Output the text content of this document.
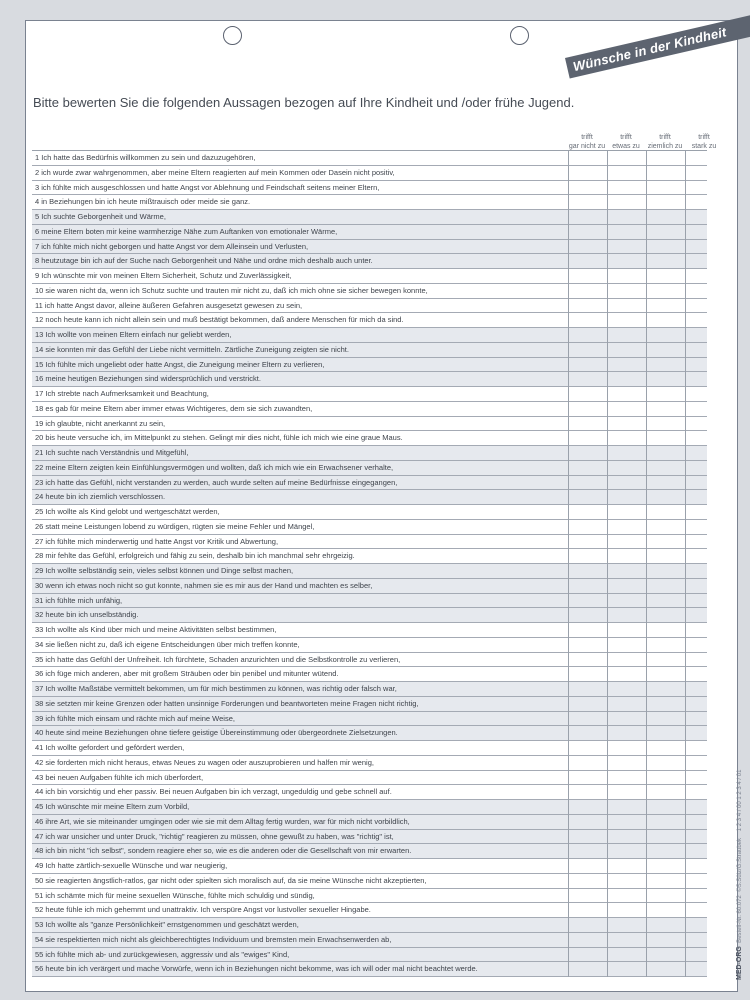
Wünsche in der Kindheit
Bitte bewerten Sie die folgenden Aussagen bezogen auf Ihre Kindheit und /oder frühe Jugend.
trifft
gar nicht zu
trifft
etwas zu
trifft
ziemlich zu
trifft
stark zu
1 Ich hatte das Bedürfnis willkommen zu sein und dazuzugehören,
2 ich wurde zwar wahrgenommen, aber meine Eltern reagierten auf mein Kommen oder Dasein nicht positiv,
3 ich fühlte mich ausgeschlossen und hatte Angst vor Ablehnung und Feindschaft seitens meiner Eltern,
4 in Beziehungen bin ich heute mißtrauisch oder meide sie ganz.
5 Ich suchte Geborgenheit und Wärme,
6 meine Eltern boten mir keine warmherzige Nähe zum Auftanken von emotionaler Wärme,
7 ich fühlte mich nicht geborgen und hatte Angst vor dem Alleinsein und Verlusten,
8 heutzutage bin ich auf der Suche nach Geborgenheit und Nähe und ordne mich deshalb auch unter.
9 Ich wünschte mir von meinen Eltern Sicherheit, Schutz und Zuverlässigkeit,
10 sie waren nicht da, wenn ich Schutz suchte und trauten mir nicht zu, daß ich mich ohne sie sicher bewegen konnte,
11 ich hatte Angst davor, alleine äußeren Gefahren ausgesetzt gewesen zu sein,
12 noch heute kann ich nicht allein sein und muß bestätigt bekommen, daß andere Menschen für mich da sind.
13 Ich wollte von meinen Eltern einfach nur geliebt werden,
14 sie konnten mir das Gefühl der Liebe nicht vermitteln. Zärtliche Zuneigung zeigten sie nicht.
15 Ich fühlte mich ungeliebt oder hatte Angst, die Zuneigung meiner Eltern zu verlieren,
16 meine heutigen Beziehungen sind widersprüchlich und verstrickt.
17 Ich strebte nach Aufmerksamkeit und Beachtung,
18 es gab für meine Eltern aber immer etwas Wichtigeres, dem sie sich zuwandten,
19 ich glaubte, nicht anerkannt zu sein,
20 bis heute versuche ich, im Mittelpunkt zu stehen. Gelingt mir dies nicht, fühle ich mich wie eine graue Maus.
21 Ich suchte nach Verständnis und Mitgefühl,
22 meine Eltern zeigten kein Einfühlungsvermögen und wollten, daß ich mich wie ein Erwachsener verhalte,
23 ich hatte das Gefühl, nicht verstanden zu werden, auch wurde selten auf meine Bedürfnisse eingegangen,
24 heute bin ich ziemlich verschlossen.
25 Ich wollte als Kind gelobt und wertgeschätzt werden,
26 statt meine Leistungen lobend zu würdigen, rügten sie meine Fehler und Mängel,
27 ich fühlte mich minderwertig und hatte Angst vor Kritik und Abwertung,
28 mir fehlte das Gefühl, erfolgreich und fähig zu sein, deshalb bin ich manchmal sehr ehrgeizig.
29 Ich wollte selbständig sein, vieles selbst können und Dinge selbst machen,
30 wenn ich etwas noch nicht so gut konnte, nahmen sie es mir aus der Hand und machten es selber,
31 ich fühlte mich unfähig,
32 heute bin ich unselbständig.
33 Ich wollte als Kind über mich und meine Aktivitäten selbst bestimmen,
34 sie ließen nicht zu, daß ich eigene Entscheidungen über mich treffen konnte,
35 ich hatte das Gefühl der Unfreiheit. Ich fürchtete, Schaden anzurichten und die Selbstkontrolle zu verlieren,
36 ich füge mich anderen, aber mit großem Sträuben oder bin penibel und mitunter wütend.
37 Ich wollte Maßstäbe vermittelt bekommen, um für mich bestimmen zu können, was richtig oder falsch war,
38 sie setzten mir keine Grenzen oder hatten unsinnige Forderungen und beantworteten meine Fragen nicht richtig,
39 ich fühlte mich einsam und rächte mich auf meine Weise,
40 heute sind meine Beziehungen ohne tiefere geistige Übereinstimmung oder übergeordnete Zielsetzungen.
41 Ich wollte gefordert und gefördert werden,
42 sie forderten mich nicht heraus, etwas Neues zu wagen oder auszuprobieren und halfen mir wenig,
43 bei neuen Aufgaben fühlte ich mich überfordert,
44 ich bin vorsichtig und eher passiv. Bei neuen Aufgaben bin ich verzagt, ungeduldig und gebe schnell auf.
45 Ich wünschte mir meine Eltern zum Vorbild,
46 ihre Art, wie sie miteinander umgingen oder wie sie mit dem Alltag fertig wurden, war für mich nicht vorbildlich,
47 ich war unsicher und unter Druck, "richtig" reagieren zu müssen, ohne gewußt zu haben, was "richtig" ist,
48 ich bin nicht "ich selbst", sondern reagiere eher so, wie es die anderen oder die Gesellschaft von mir erwarten.
49 Ich hatte zärtlich-sexuelle Wünsche und war neugierig,
50 sie reagierten ängstlich-ratlos, gar nicht oder spielten sich moralisch auf, da sie meine Wünsche nicht akzeptierten,
51 ich schämte mich für meine sexuellen Wünsche, fühlte mich schuldig und sündig,
52 heute fühle ich mich gehemmt und unattraktiv. Ich verspüre Angst vor lustvoller sexueller Hingabe.
53 Ich wollte als "ganze Persönlichkeit" ernstgenommen und geschätzt werden,
54 sie respektierten mich nicht als gleichberechtigtes Individuum und bremsten mein Erwachsenwerden ab,
55 ich fühlte mich ab- und zurückgewiesen, aggressiv und als "ewiges" Kind,
56 heute bin ich verärgert und mache Vorwürfe, wenn ich in Beziehungen nicht bekomme, was ich will oder mal nicht beachtet werde.	MED-ORG  Bestell-Nr. 60.072  ©S.Sülz/G.Straubek    1 2 3 4 / 00 1 2 3 4 / 01
